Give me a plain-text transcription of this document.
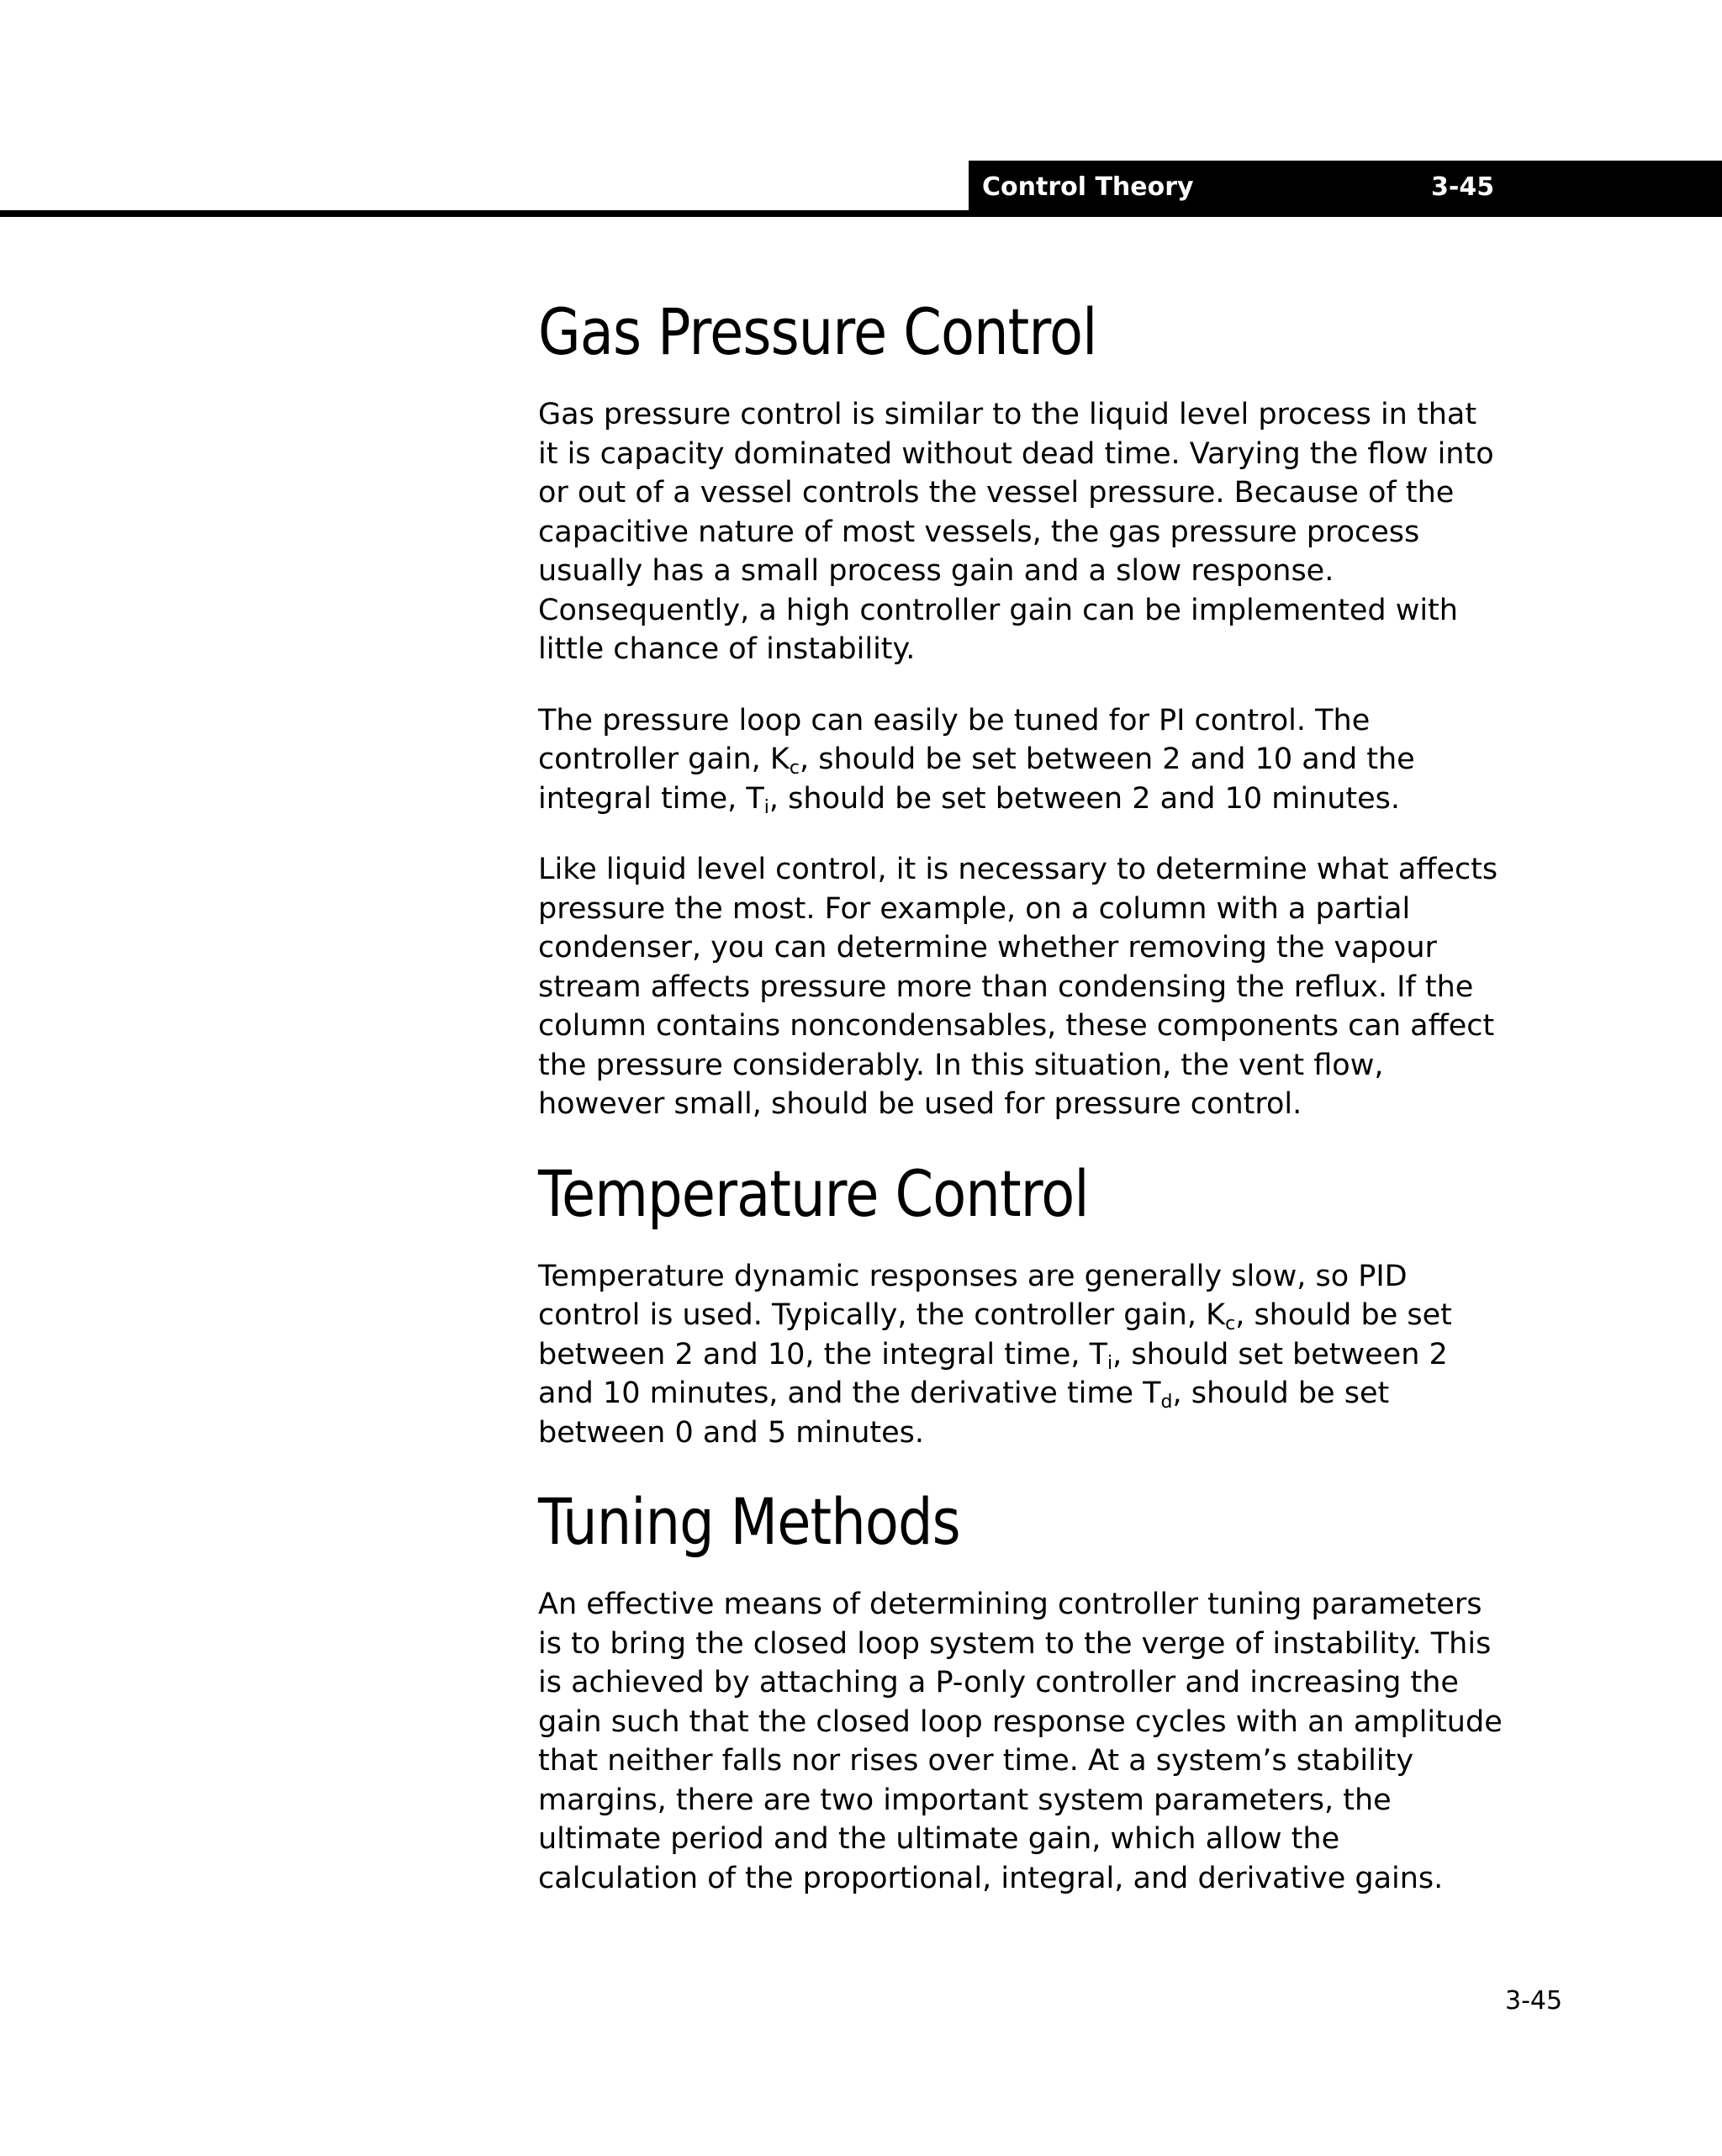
Control Theory	3-45
Gas Pressure Control

Gas pressure control is similar to the liquid level process in that it is capacity dominated without dead time. Varying the flow into or out of a vessel controls the vessel pressure. Because of the capacitive nature of most vessels, the gas pressure process usually has a small process gain and a slow response. Consequently, a high controller gain can be implemented with little chance of instability.

The pressure loop can easily be tuned for PI control. The controller gain, $K_c$, should be set between 2 and 10 and the integral time, $T_i$, should be set between 2 and 10 minutes.

Like liquid level control, it is necessary to determine what affects pressure the most. For example, on a column with a partial condenser, you can determine whether removing the vapour stream affects pressure more than condensing the reflux. If the column contains noncondensables, these components can affect the pressure considerably. In this situation, the vent flow, however small, should be used for pressure control.

Temperature Control

Temperature dynamic responses are generally slow, so PID control is used. Typically, the controller gain, $K_c$, should be set between 2 and 10, the integral time, $T_i$, should set between 2 and 10 minutes, and the derivative time $T_d$, should be set between 0 and 5 minutes.

Tuning Methods

An effective means of determining controller tuning parameters is to bring the closed loop system to the verge of instability. This is achieved by attaching a P-only controller and increasing the gain such that the closed loop response cycles with an amplitude that neither falls nor rises over time. At a system’s stability margins, there are two important system parameters, the ultimate period and the ultimate gain, which allow the calculation of the proportional, integral, and derivative gains.

3-45
